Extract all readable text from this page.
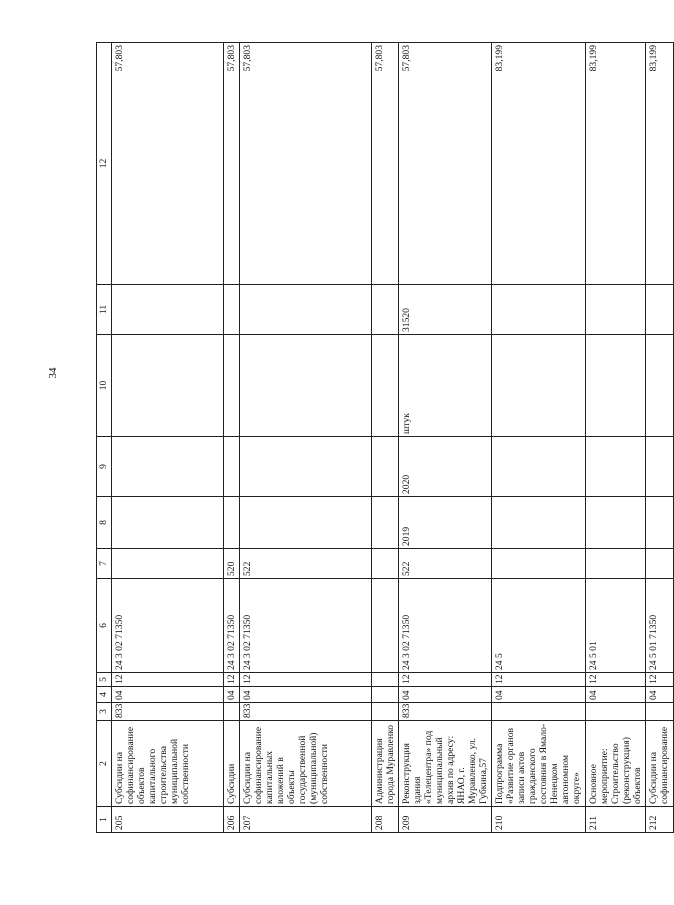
34
1	2	3	4	5	6	7	8	9	10	11	12
205	Субсидии на софинансирование объектов капитального строительства муниципальной собственности	833	04	12	24 3 02 71350						57,803
206	Субсидии		04	12	24 3 02 71350	520					57,803
207	Субсидии на софинансирование капитальных вложений в объекты государственной (муниципальной) собственности	833	04	12	24 3 02 71350	522					57,803
208	Администрация города Муравленко										57,803
209	Реконструкция здания «Телецентра» под муниципальный архив по адресу: ЯНАО, г. Муравленко, ул. Губкина,57	833	04	12	24 3 02 71350	522	2019	2020	штук	31520	57,803
210	Подпрограмма «Развитие органов записи актов гражданского состояния в Ямало-Ненецком автономном округе»		04	12	24 5						83,199
211	Основное мероприятие: Строительство (реконструкция) объектов		04	12	24 5 01						83,199
212	Субсидии на софинансирование		04	12	24 5 01 71350						83,199
